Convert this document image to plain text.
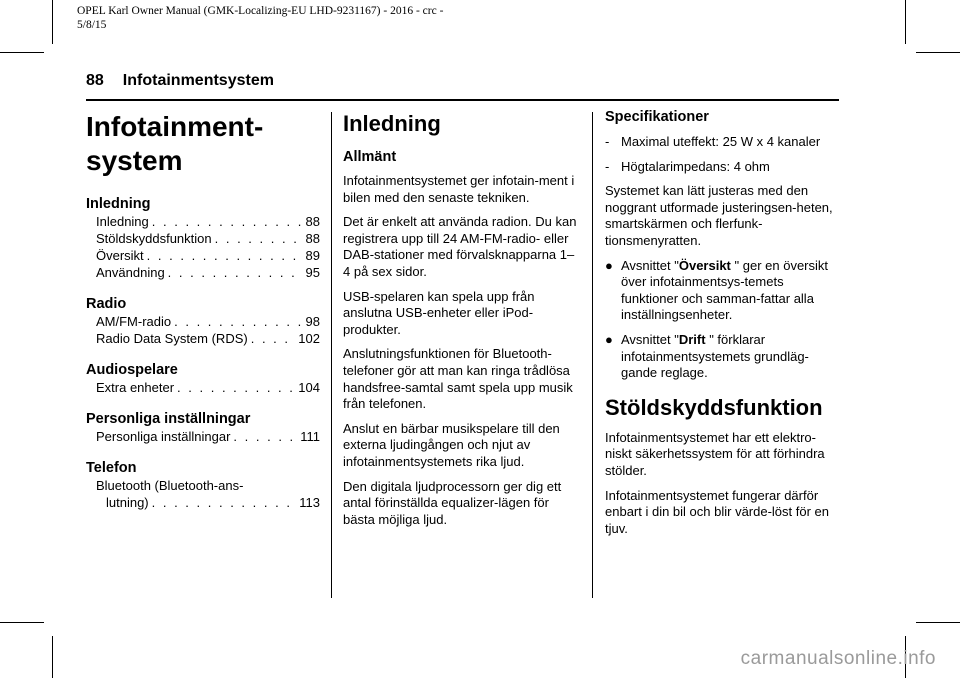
OPEL Karl Owner Manual (GMK-Localizing-EU LHD-9231167) - 2016 - crc -
5/8/15
88 Infotainmentsystem
Infotainment-
system
Inledning
Inledning . . .	88
Stöldskyddsfunktion . . .	88
Översikt . . .	89
Användning . . .	95
Radio
AM/FM-radio . . .	98
Radio Data System (RDS) . . .	102
Audiospelare
Extra enheter . . .	104
Personliga inställningar
Personliga inställningar . . .	111
Telefon
Bluetooth (Bluetooth-ans-
lutning) . . .	113
Inledning
Allmänt

Infotainmentsystemet ger infotain-ment i bilen med den senaste tekniken.

Det är enkelt att använda radion. Du kan registrera upp till 24 AM-FM-radio- eller DAB-stationer med förvalsknapparna 1–4 på sex sidor.

USB-spelaren kan spela upp från anslutna USB-enheter eller iPod-produkter.

Anslutningsfunktionen för Bluetooth-telefoner gör att man kan ringa trådlösa handsfree-samtal samt spela upp musik från telefonen.

Anslut en bärbar musikspelare till den externa ljudingången och njut av infotainmentsystemets rika ljud.

Den digitala ljudprocessorn ger dig ett antal förinställda equalizer-lägen för bästa möjliga ljud.

Specifikationer
- Maximal uteffekt: 25 W x 4 kanaler
- Högtalarimpedans: 4 ohm

Systemet kan lätt justeras med den noggrant utformade justeringsen-heten, smartskärmen och flerfunk-tionsmenyratten.

● Avsnittet "Översikt " ger en översikt över infotainmentsys-temets funktioner och samman-fattar alla inställningsenheter.
● Avsnittet "Drift " förklarar infotainmentsystemets grundläg-gande reglage.
Stöldskyddsfunktion

Infotainmentsystemet har ett elektro-niskt säkerhetssystem för att förhindra stölder.

Infotainmentsystemet fungerar därför enbart i din bil och blir värde-löst för en tjuv.

carmanualsonline.info
